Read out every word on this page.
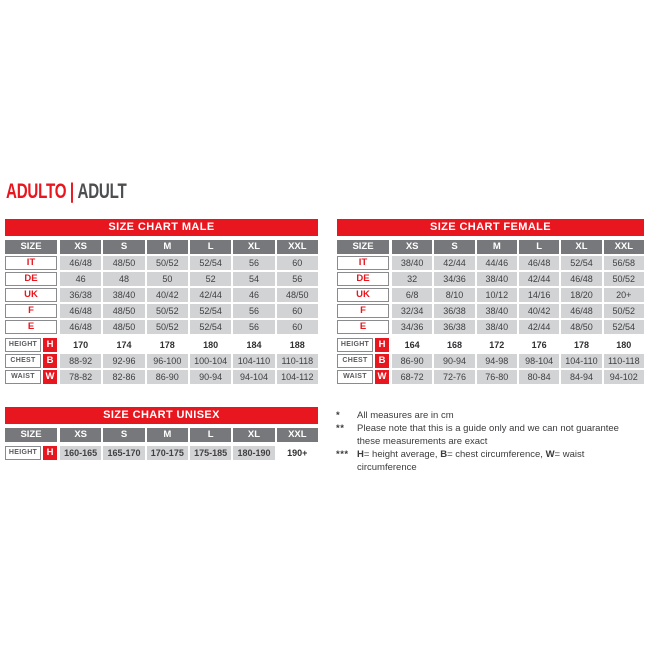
ADULTO | ADULT
SIZE CHART MALE
SIZE	XS	S	M	L	XL	XXL
IT	46/48	48/50	50/52	52/54	56	60
DE	46	48	50	52	54	56
UK	36/38	38/40	40/42	42/44	46	48/50
F	46/48	48/50	50/52	52/54	56	60
E	46/48	48/50	50/52	52/54	56	60
HEIGHT H	170	174	178	180	184	188
CHEST	B	88-92	92-96	96-100	100-104	104-110	110-118
WAIST	W	78-82	82-86	86-90	90-94	94-104	104-112
SIZE CHART FEMALE
SIZE	XS	S	M	L	XL	XXL
IT	38/40	42/44	44/46	46/48	52/54	56/58
DE	32	34/36	38/40	42/44	46/48	50/52
UK	6/8	8/10	10/12	14/16	18/20	20+
F	32/34	36/38	38/40	40/42	46/48	50/52
E	34/36	36/38	38/40	42/44	48/50	52/54
HEIGHT H	164	168	172	176	178	180
CHEST	B	86-90	90-94	94-98	98-104	104-110	110-118
WAIST	W	68-72	72-76	76-80	80-84	84-94	94-102
SIZE CHART UNISEX
SIZE	XS	S	M	L	XL	XXL
HEIGHT H	160-165	165-170	170-175	175-185	180-190	190+
*	All measures are in cm
**	Please note that this is a guide only and we can not guarantee
these measurements are exact
*** H= height average, B= chest circumference, W= waist circumference
